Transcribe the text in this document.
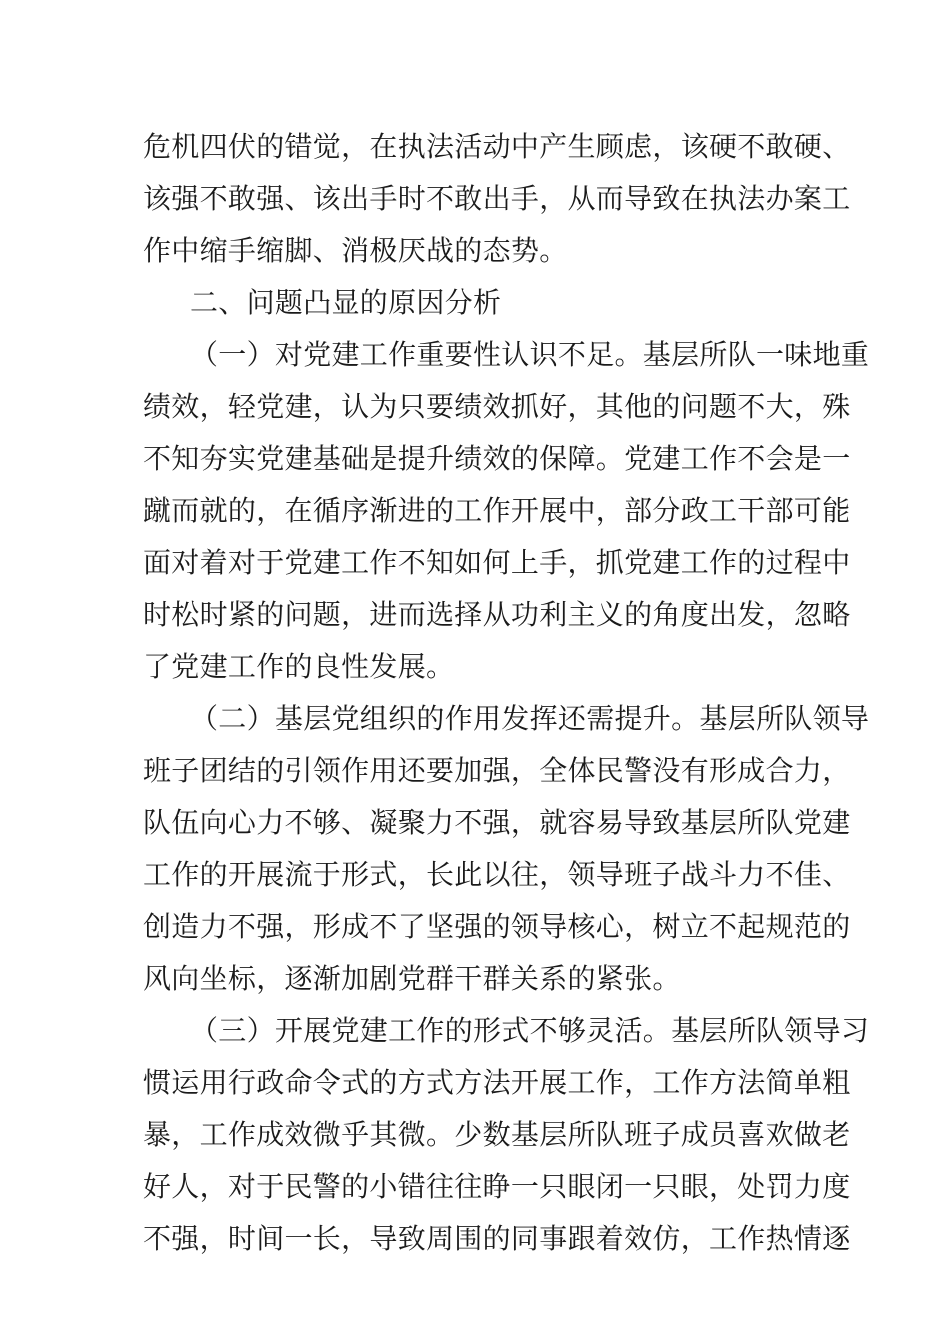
危机四伏的错觉，在执法活动中产生顾虑，该硬不敢硬、
该强不敢强、该出手时不敢出手，从而导致在执法办案工
作中缩手缩脚、消极厌战的态势。
二、问题凸显的原因分析
（一）对党建工作重要性认识不足。基层所队一味地重
绩效，轻党建，认为只要绩效抓好，其他的问题不大，殊
不知夯实党建基础是提升绩效的保障。党建工作不会是一
蹴而就的，在循序渐进的工作开展中，部分政工干部可能
面对着对于党建工作不知如何上手，抓党建工作的过程中
时松时紧的问题，进而选择从功利主义的角度出发，忽略
了党建工作的良性发展。
（二）基层党组织的作用发挥还需提升。基层所队领导
班子团结的引领作用还要加强，全体民警没有形成合力，
队伍向心力不够、凝聚力不强，就容易导致基层所队党建
工作的开展流于形式，长此以往，领导班子战斗力不佳、
创造力不强，形成不了坚强的领导核心，树立不起规范的
风向坐标，逐渐加剧党群干群关系的紧张。
（三）开展党建工作的形式不够灵活。基层所队领导习
惯运用行政命令式的方式方法开展工作，工作方法简单粗
暴，工作成效微乎其微。少数基层所队班子成员喜欢做老
好人，对于民警的小错往往睁一只眼闭一只眼，处罚力度
不强，时间一长，导致周围的同事跟着效仿，工作热情逐
